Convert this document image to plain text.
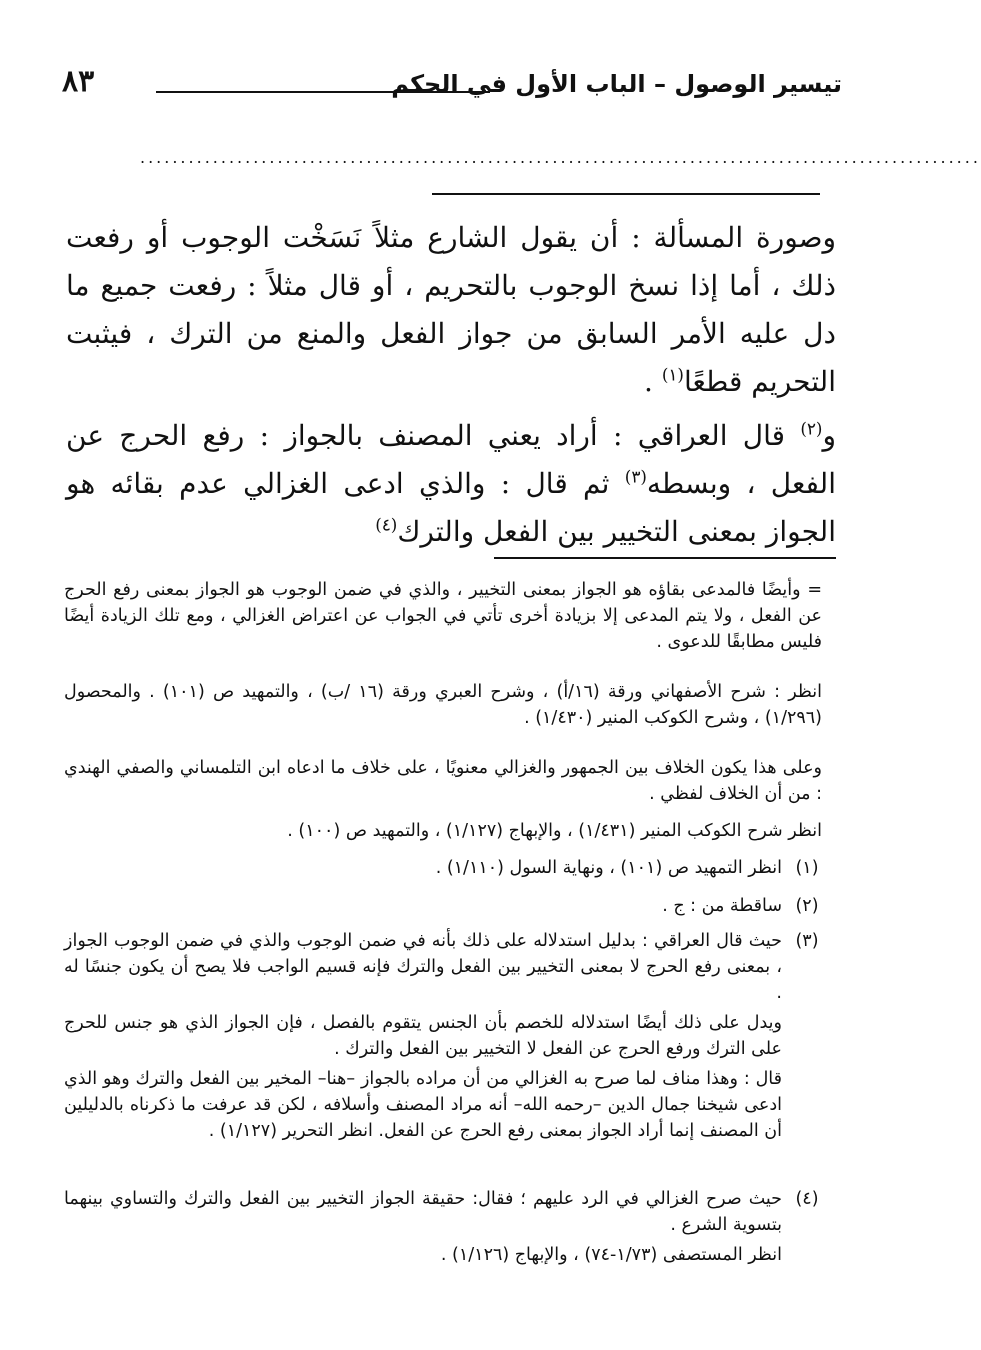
٨٣	تيسير الوصول – الباب الأول في الحكم
........................................................................................................
وصورة المسألة : أن يقول الشارع مثلاً نَسَخْت الوجوب أو رفعت ذلك ، أما إذا نسخ الوجوب بالتحريم ، أو قال مثلاً : رفعت جميع ما دل عليه الأمر السابق من جواز الفعل والمنع من الترك ، فيثبت التحريم قطعًا$^{(١)}$ .
و$^{(٢)}$ قال العراقي : أراد يعني المصنف بالجواز : رفع الحرج عن الفعل ، وبسطه$^{(٣)}$ ثم قال : والذي ادعى الغزالي عدم بقائه هو الجواز بمعنى التخيير بين الفعل والترك$^{(٤)}$
= وأيضًا فالمدعى بقاؤه هو الجواز بمعنى التخيير ، والذي في ضمن الوجوب هو الجواز بمعنى رفع الحرج عن الفعل ، ولا يتم المدعى إلا بزيادة أخرى تأتي في الجواب عن اعتراض الغزالي ، ومع تلك الزيادة أيضًا فليس مطابقًا للدعوى .
انظر : شرح الأصفهاني ورقة (١٦/أ) ، وشرح العبري ورقة (١٦ /ب) ، والتمهيد ص (١٠١) . والمحصول (١/٢٩٦) ، وشرح الكوكب المنير (١/٤٣٠) .
وعلى هذا يكون الخلاف بين الجمهور والغزالي معنويًا ، على خلاف ما ادعاه ابن التلمساني والصفي الهندي : من أن الخلاف لفظي .
انظر شرح الكوكب المنير (١/٤٣١) ، والإبهاج (١/١٢٧) ، والتمهيد ص (١٠٠) .
(١)

انظر التمهيد ص (١٠١) ، ونهاية السول (١/١١٠) .

(٢)

ساقطة من : ج .

(٣)

حيث قال العراقي : بدليل استدلاله على ذلك بأنه في ضمن الوجوب والذي في ضمن الوجوب الجواز ، بمعنى رفع الحرج لا بمعنى التخيير بين الفعل والترك فإنه قسيم الواجب فلا يصح أن يكون جنسًا له .

ويدل على ذلك أيضًا استدلاله للخصم بأن الجنس يتقوم بالفصل ، فإن الجواز الذي هو جنس للحرج على الترك ورفع الحرج عن الفعل لا التخيير بين الفعل والترك .

قال : وهذا مناف لما صرح به الغزالي من أن مراده بالجواز –هنا– المخير بين الفعل والترك وهو الذي ادعى شيخنا جمال الدين –رحمه الله– أنه مراد المصنف وأسلافه ، لكن قد عرفت ما ذكرناه بالدليلين أن المصنف إنما أراد الجواز بمعنى رفع الحرج عن الفعل. انظر التحرير (١/١٢٧) .

(٤)

حيث صرح الغزالي في الرد عليهم ؛ فقال: حقيقة الجواز التخيير بين الفعل والترك والتساوي بينهما بتسوية الشرع .

انظر المستصفى (١/٧٣-٧٤) ، والإبهاج (١/١٢٦) .
